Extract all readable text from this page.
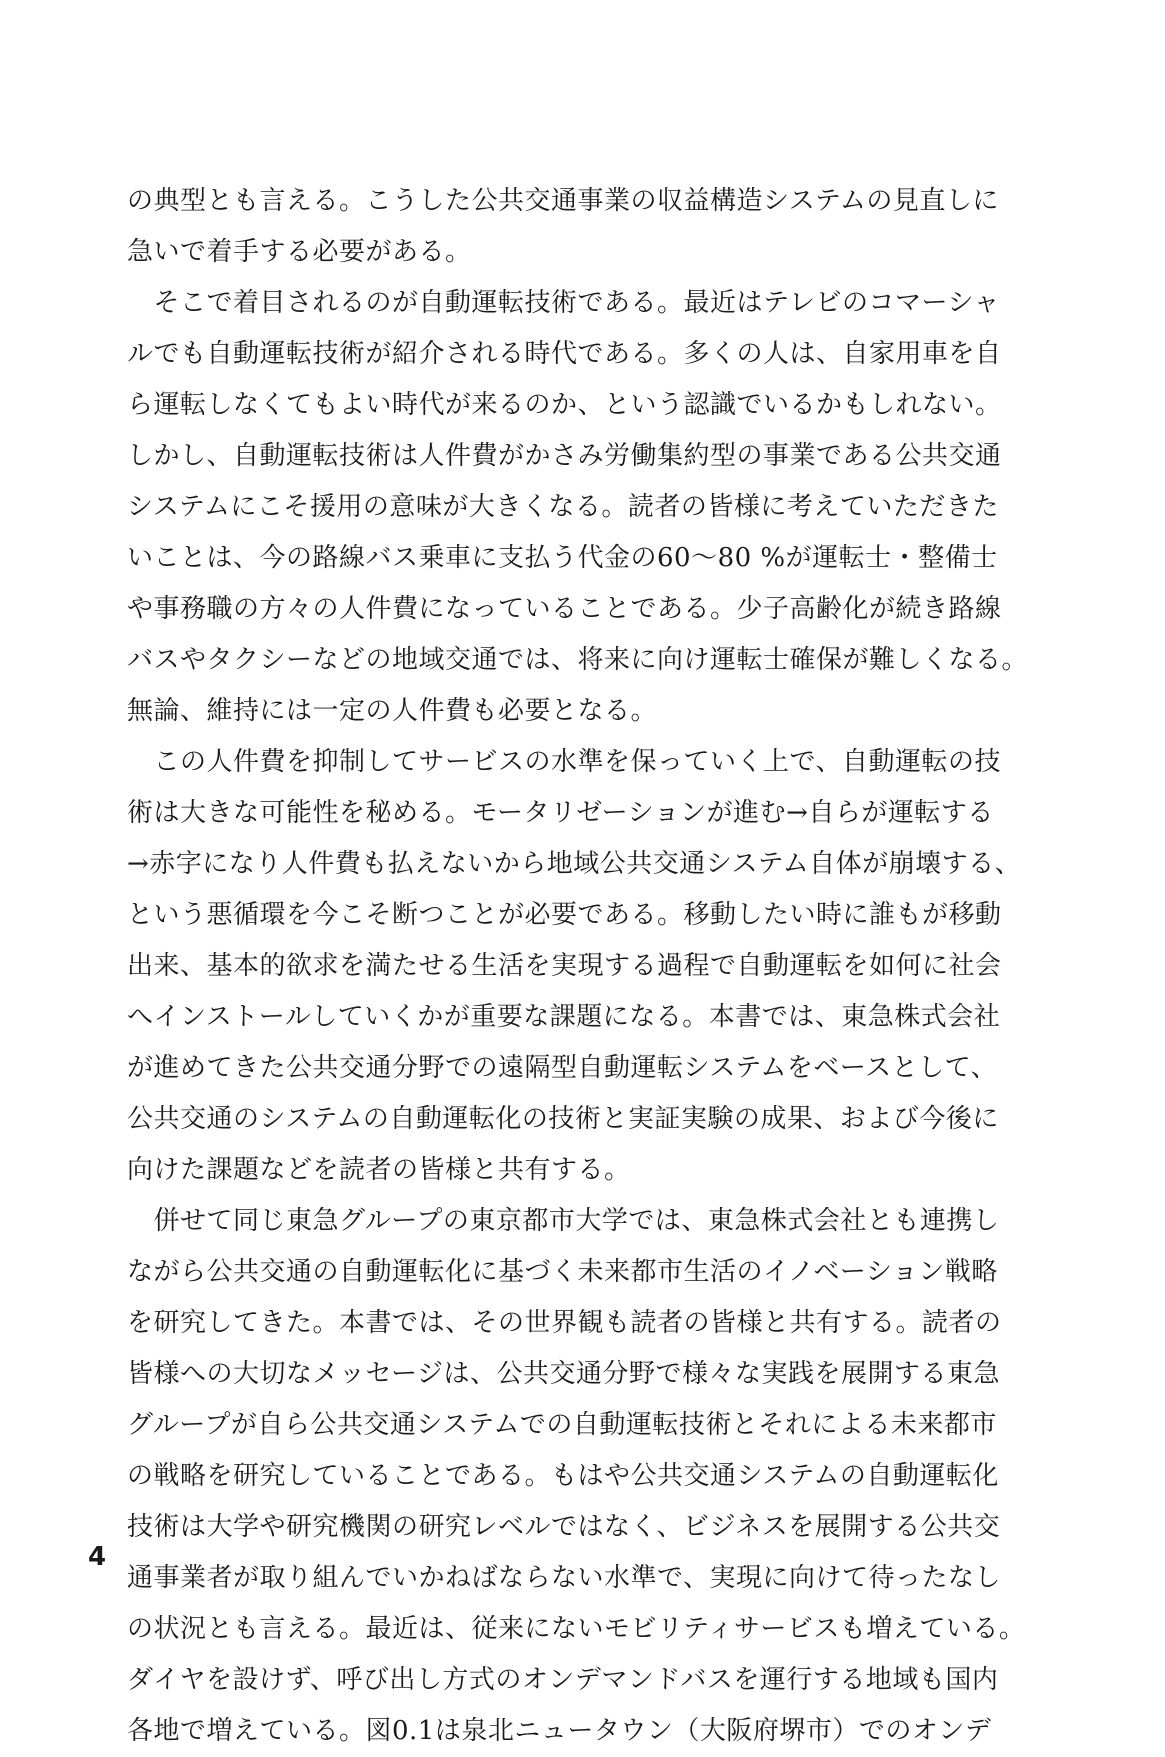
の典型とも言える。こうした公共交通事業の収益構造システムの見直しに
急いで着手する必要がある。
　そこで着目されるのが自動運転技術である。最近はテレビのコマーシャ
ルでも自動運転技術が紹介される時代である。多くの人は、自家用車を自
ら運転しなくてもよい時代が来るのか、という認識でいるかもしれない。
しかし、自動運転技術は人件費がかさみ労働集約型の事業である公共交通
システムにこそ援用の意味が大きくなる。読者の皆様に考えていただきた
いことは、今の路線バス乗車に支払う代金の60～80 %が運転士・整備士
や事務職の方々の人件費になっていることである。少子高齢化が続き路線
バスやタクシーなどの地域交通では、将来に向け運転士確保が難しくなる。
無論、維持には一定の人件費も必要となる。
　この人件費を抑制してサービスの水準を保っていく上で、自動運転の技
術は大きな可能性を秘める。モータリゼーションが進む→自らが運転する
→赤字になり人件費も払えないから地域公共交通システム自体が崩壊する、
という悪循環を今こそ断つことが必要である。移動したい時に誰もが移動
出来、基本的欲求を満たせる生活を実現する過程で自動運転を如何に社会
へインストールしていくかが重要な課題になる。本書では、東急株式会社
が進めてきた公共交通分野での遠隔型自動運転システムをベースとして、
公共交通のシステムの自動運転化の技術と実証実験の成果、および今後に
向けた課題などを読者の皆様と共有する。
　併せて同じ東急グループの東京都市大学では、東急株式会社とも連携し
ながら公共交通の自動運転化に基づく未来都市生活のイノベーション戦略
を研究してきた。本書では、その世界観も読者の皆様と共有する。読者の
皆様への大切なメッセージは、公共交通分野で様々な実践を展開する東急
グループが自ら公共交通システムでの自動運転技術とそれによる未来都市
の戦略を研究していることである。もはや公共交通システムの自動運転化
技術は大学や研究機関の研究レベルではなく、ビジネスを展開する公共交
通事業者が取り組んでいかねばならない水準で、実現に向けて待ったなし
の状況とも言える。最近は、従来にないモビリティサービスも増えている。
ダイヤを設けず、呼び出し方式のオンデマンドバスを運行する地域も国内
各地で増えている。図0.1は泉北ニュータウン（大阪府堺市）でのオンデ
4
